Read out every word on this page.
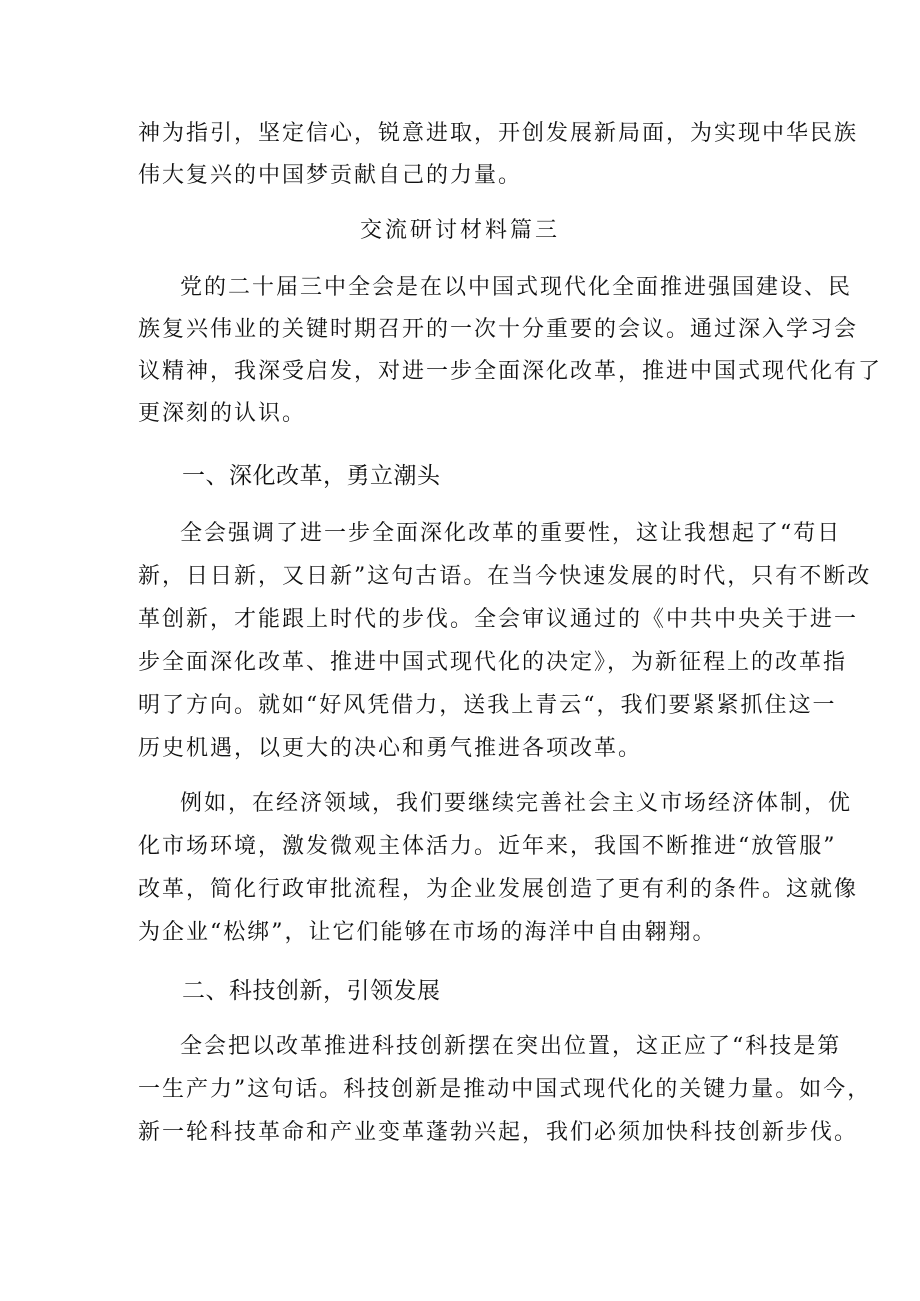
神为指引，坚定信心，锐意进取，开创发展新局面，为实现中华民族
伟大复兴的中国梦贡献自己的力量。
交流研讨材料篇三
党的二十届三中全会是在以中国式现代化全面推进强国建设、民
族复兴伟业的关键时期召开的一次十分重要的会议。通过深入学习会
议精神，我深受启发，对进一步全面深化改革，推进中国式现代化有了
更深刻的认识。
一、深化改革，勇立潮头
全会强调了进一步全面深化改革的重要性，这让我想起了“苟日
新，日日新，又日新”这句古语。在当今快速发展的时代，只有不断改
革创新，才能跟上时代的步伐。全会审议通过的《中共中央关于进一
步全面深化改革、推进中国式现代化的决定》，为新征程上的改革指
明了方向。就如“好风凭借力，送我上青云“，我们要紧紧抓住这一
历史机遇，以更大的决心和勇气推进各项改革。
例如，在经济领域，我们要继续完善社会主义市场经济体制，优
化市场环境，激发微观主体活力。近年来，我国不断推进“放管服”
改革，简化行政审批流程，为企业发展创造了更有利的条件。这就像
为企业“松绑”，让它们能够在市场的海洋中自由翱翔。
二、科技创新，引领发展
全会把以改革推进科技创新摆在突出位置，这正应了“科技是第
一生产力”这句话。科技创新是推动中国式现代化的关键力量。如今，
新一轮科技革命和产业变革蓬勃兴起，我们必须加快科技创新步伐。
